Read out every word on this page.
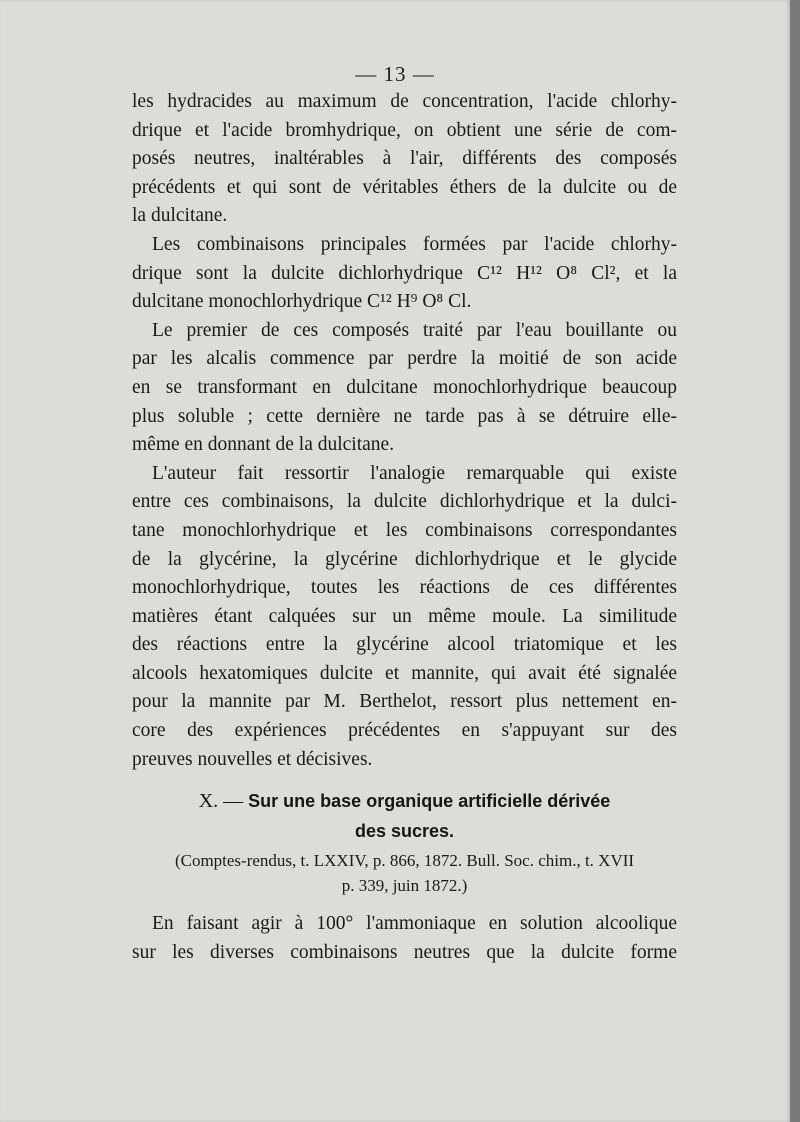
— 13 —
les hydracides au maximum de concentration, l'acide chlorhy-
drique et l'acide bromhydrique, on obtient une série de com-
posés neutres, inaltérables à l'air, différents des composés
précédents et qui sont de véritables éthers de la dulcite ou de
la dulcitane.
Les combinaisons principales formées par l'acide chlorhy-
drique sont la dulcite dichlorhydrique C¹² H¹² O⁸ Cl², et la
dulcitane monochlorhydrique C¹² H⁹ O⁸ Cl.
Le premier de ces composés traité par l'eau bouillante ou
par les alcalis commence par perdre la moitié de son acide
en se transformant en dulcitane monochlorhydrique beaucoup
plus soluble ; cette dernière ne tarde pas à se détruire elle-
même en donnant de la dulcitane.
L'auteur fait ressortir l'analogie remarquable qui existe
entre ces combinaisons, la dulcite dichlorhydrique et la dulci-
tane monochlorhydrique et les combinaisons correspondantes
de la glycérine, la glycérine dichlorhydrique et le glycide
monochlorhydrique, toutes les réactions de ces différentes
matières étant calquées sur un même moule. La similitude
des réactions entre la glycérine alcool triatomique et les
alcools hexatomiques dulcite et mannite, qui avait été signalée
pour la mannite par M. Berthelot, ressort plus nettement en-
core des expériences précédentes en s'appuyant sur des
preuves nouvelles et décisives.
X. — Sur une base organique artificielle dérivée
des sucres.
(Comptes-rendus, t. LXXIV, p. 866, 1872. Bull. Soc. chim., t. XVII
p. 339, juin 1872.)
En faisant agir à 100° l'ammoniaque en solution alcoolique
sur les diverses combinaisons neutres que la dulcite forme
